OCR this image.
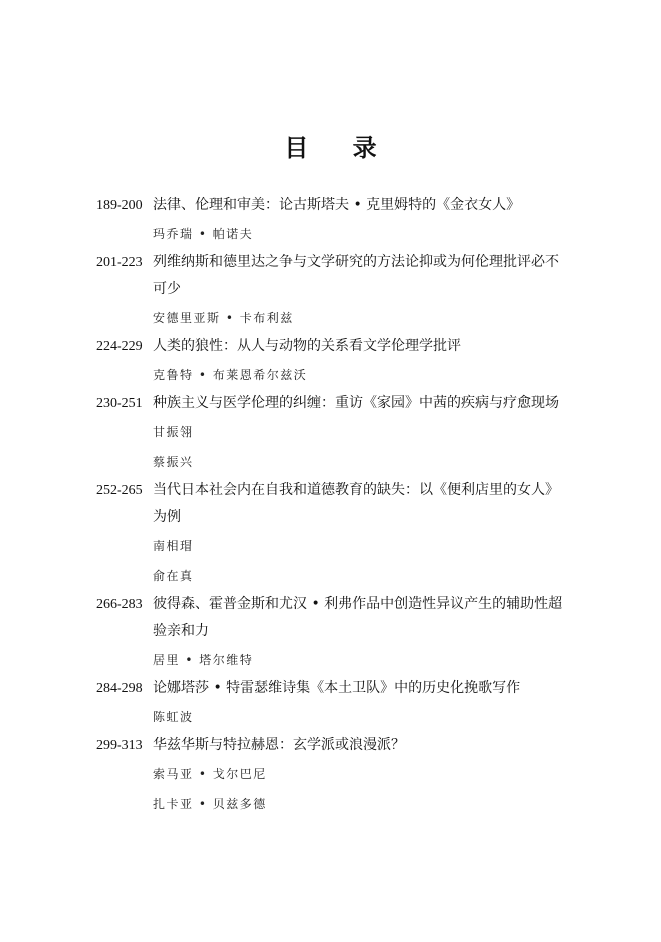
目 录
189-200 法律、伦理和审美：论古斯塔夫 • 克里姆特的《金衣女人》
玛乔瑞 • 帕诺夫
201-223 列维纳斯和德里达之争与文学研究的方法论抑或为何伦理批评必不可少
安德里亚斯 • 卡布利兹
224-229 人类的狼性：从人与动物的关系看文学伦理学批评
克鲁特 • 布莱恩希尔兹沃
230-251 种族主义与医学伦理的纠缠：重访《家园》中茜的疾病与疗愈现场
甘振翎
蔡振兴
252-265 当代日本社会内在自我和道德教育的缺失：以《便利店里的女人》为例
南相瑁
俞在真
266-283 彼得森、霍普金斯和尤汉 • 利弗作品中创造性异议产生的辅助性超验亲和力
居里 • 塔尔维特
284-298 论娜塔莎 • 特雷瑟维诗集《本土卫队》中的历史化挽歌写作
陈虹波
299-313 华兹华斯与特拉赫恩：玄学派或浪漫派？
索马亚 • 戈尔巴尼
扎卡亚 • 贝兹多德
